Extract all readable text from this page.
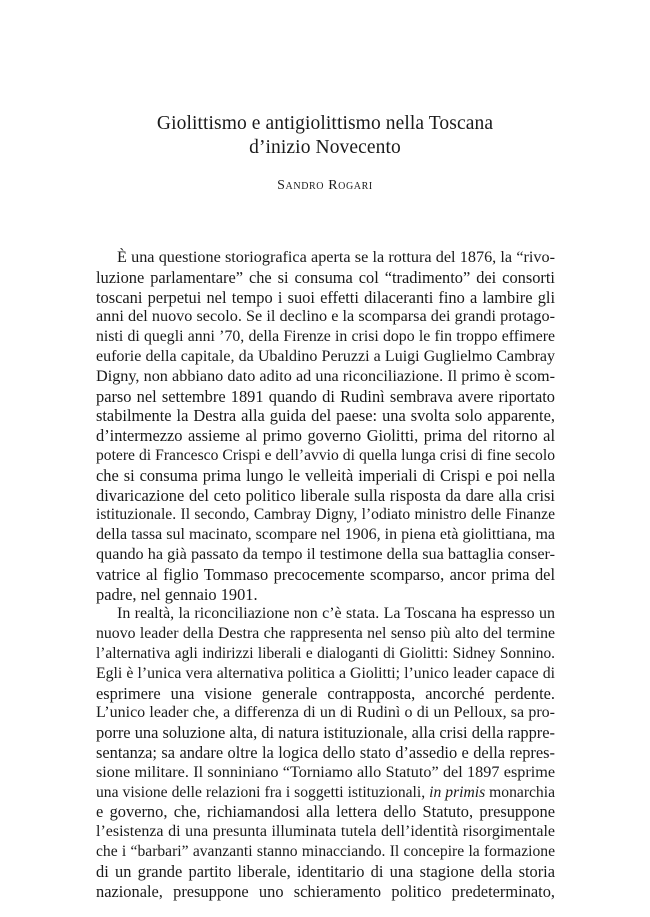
Giolittismo e antigiolittismo nella Toscana
d’inizio Novecento
Sandro Rogari
È una questione storiografica aperta se la rottura del 1876, la “rivo-
luzione parlamentare” che si consuma col “tradimento” dei consorti
toscani perpetui nel tempo i suoi effetti dilaceranti fino a lambire gli
anni del nuovo secolo. Se il declino e la scomparsa dei grandi protago-
nisti di quegli anni ’70, della Firenze in crisi dopo le fin troppo effimere
euforie della capitale, da Ubaldino Peruzzi a Luigi Guglielmo Cambray
Digny, non abbiano dato adito ad una riconciliazione. Il primo è scom-
parso nel settembre 1891 quando di Rudinì sembrava avere riportato
stabilmente la Destra alla guida del paese: una svolta solo apparente,
d’intermezzo assieme al primo governo Giolitti, prima del ritorno al
potere di Francesco Crispi e dell’avvio di quella lunga crisi di fine secolo
che si consuma prima lungo le velleità imperiali di Crispi e poi nella
divaricazione del ceto politico liberale sulla risposta da dare alla crisi
istituzionale. Il secondo, Cambray Digny, l’odiato ministro delle Finanze
della tassa sul macinato, scompare nel 1906, in piena età giolittiana, ma
quando ha già passato da tempo il testimone della sua battaglia conser-
vatrice al figlio Tommaso precocemente scomparso, ancor prima del
padre, nel gennaio 1901.
In realtà, la riconciliazione non c’è stata. La Toscana ha espresso un
nuovo leader della Destra che rappresenta nel senso più alto del termine
l’alternativa agli indirizzi liberali e dialoganti di Giolitti: Sidney Sonnino.
Egli è l’unica vera alternativa politica a Giolitti; l’unico leader capace di
esprimere una visione generale contrapposta, ancorché perdente.
L’unico leader che, a differenza di un di Rudinì o di un Pelloux, sa pro-
porre una soluzione alta, di natura istituzionale, alla crisi della rappre-
sentanza; sa andare oltre la logica dello stato d’assedio e della repres-
sione militare. Il sonniniano “Torniamo allo Statuto” del 1897 esprime
una visione delle relazioni fra i soggetti istituzionali, in primis monarchia
e governo, che, richiamandosi alla lettera dello Statuto, presuppone
l’esistenza di una presunta illuminata tutela dell’identità risorgimentale
che i “barbari” avanzanti stanno minacciando. Il concepire la formazione
di un grande partito liberale, identitario di una stagione della storia
nazionale, presuppone uno schieramento politico predeterminato,
